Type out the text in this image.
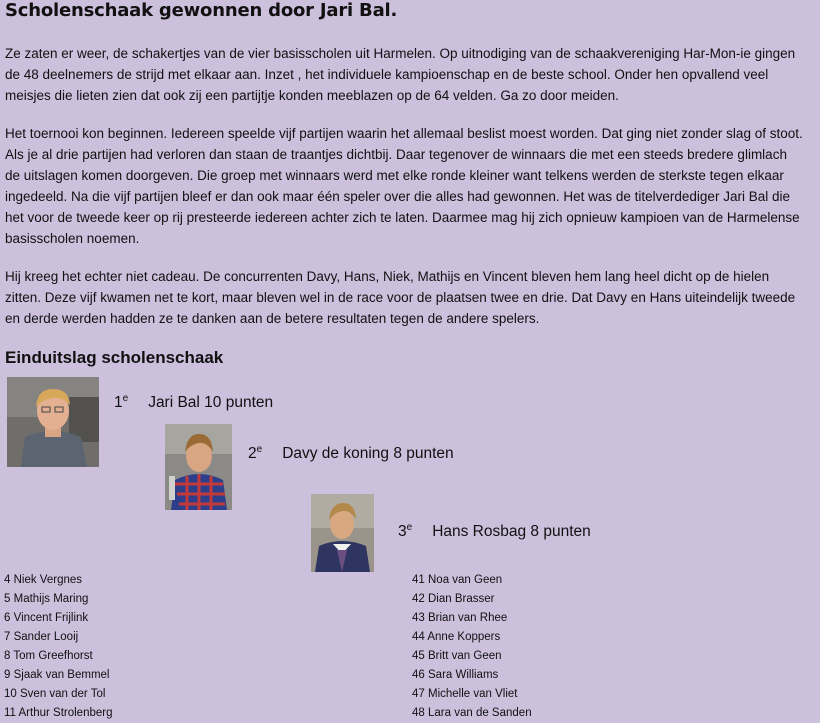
Scholenschaak gewonnen door Jari Bal.

Ze zaten er weer, de schakertjes van de vier basisscholen uit Harmelen. Op uitnodiging van de schaakvereniging Har-Mon-ie gingen de 48 deelnemers de strijd met elkaar aan. Inzet , het individuele kampioenschap en de beste school. Onder hen opvallend veel meisjes die lieten zien dat ook zij een partijtje konden meeblazen op de 64 velden. Ga zo door meiden.

Het toernooi kon beginnen. Iedereen speelde vijf partijen waarin het allemaal beslist moest worden. Dat ging niet zonder slag of stoot. Als je al drie partijen had verloren dan staan de traantjes dichtbij. Daar tegenover de winnaars die met een steeds bredere glimlach de uitslagen komen doorgeven. Die groep met winnaars werd met elke ronde kleiner want telkens werden de sterkste tegen elkaar ingedeeld. Na die vijf partijen bleef er dan ook maar één speler over die alles had gewonnen. Het was de titelverdediger Jari Bal die het voor de tweede keer op rij presteerde iedereen achter zich te laten. Daarmee mag hij zich opnieuw kampioen van de Harmelense basisscholen noemen.

Hij kreeg het echter niet cadeau. De concurrenten Davy, Hans, Niek, Mathijs en Vincent bleven hem lang heel dicht op de hielen zitten. Deze vijf kwamen net te kort, maar bleven wel in de race voor de plaatsen twee en drie. Dat Davy en Hans uiteindelijk tweede en derde werden hadden ze te danken aan de betere resultaten tegen de andere spelers.

Einduitslag scholenschaak
1e Jari Bal 10 punten
2e Davy de koning 8 punten
3e Hans Rosbag 8 punten
4 Niek Vergnes
5 Mathijs Maring
6 Vincent Frijlink
7 Sander Looij
8 Tom Greefhorst
9 Sjaak van Bemmel
10 Sven van der Tol
11 Arthur Strolenberg
41 Noa van Geen
42 Dian Brasser
43 Brian van Rhee
44 Anne Koppers
45 Britt van Geen
46 Sara Williams
47 Michelle van Vliet
48 Lara van de Sanden
